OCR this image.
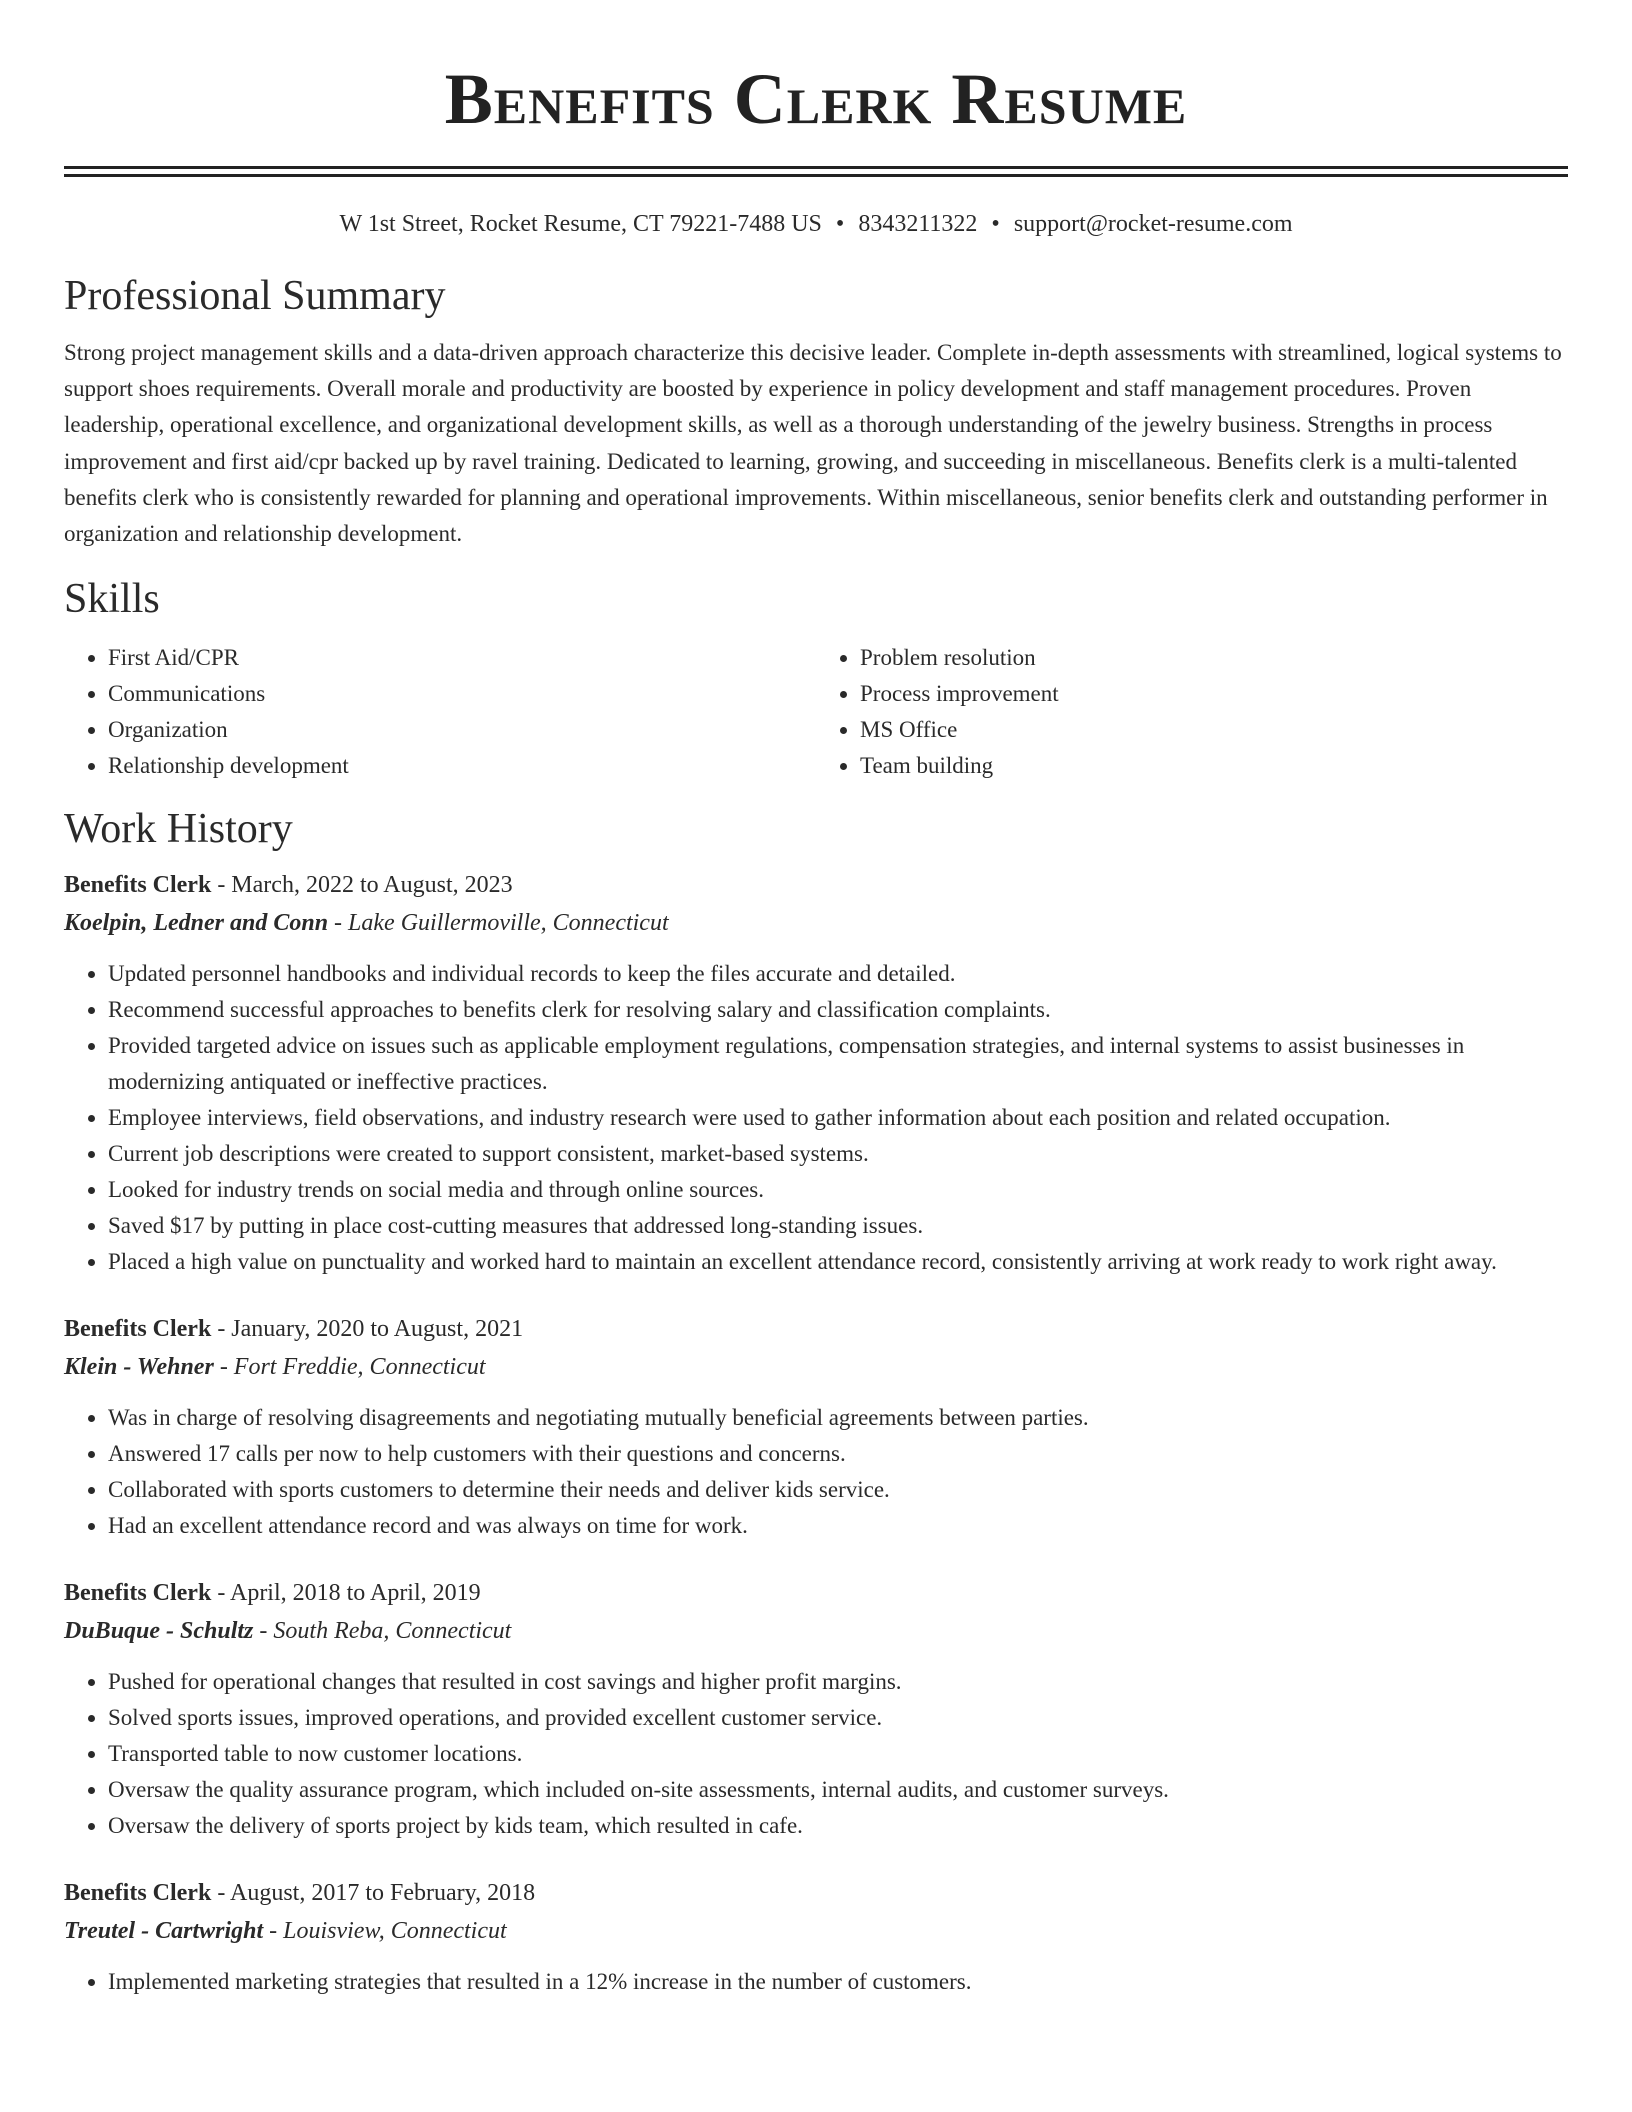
Benefits Clerk Resume
W 1st Street, Rocket Resume, CT 79221-7488 US • 8343211322 • support@rocket-resume.com
Professional Summary

Strong project management skills and a data-driven approach characterize this decisive leader. Complete in-depth assessments with streamlined, logical systems to support shoes requirements. Overall morale and productivity are boosted by experience in policy development and staff management procedures. Proven leadership, operational excellence, and organizational development skills, as well as a thorough understanding of the jewelry business. Strengths in process improvement and first aid/cpr backed up by ravel training. Dedicated to learning, growing, and succeeding in miscellaneous. Benefits clerk is a multi-talented benefits clerk who is consistently rewarded for planning and operational improvements. Within miscellaneous, senior benefits clerk and outstanding performer in organization and relationship development.

Skills
• First Aid/CPR
• Communications
• Organization
• Relationship development
• Problem resolution
• Process improvement
• MS Office
• Team building
Work History
Benefits Clerk - March, 2022 to August, 2023
Koelpin, Ledner and Conn - Lake Guillermoville, Connecticut
• Updated personnel handbooks and individual records to keep the files accurate and detailed.
• Recommend successful approaches to benefits clerk for resolving salary and classification complaints.
• Provided targeted advice on issues such as applicable employment regulations, compensation strategies, and internal systems to assist businesses in modernizing antiquated or ineffective practices.
• Employee interviews, field observations, and industry research were used to gather information about each position and related occupation.
• Current job descriptions were created to support consistent, market-based systems.
• Looked for industry trends on social media and through online sources.
• Saved $17 by putting in place cost-cutting measures that addressed long-standing issues.
• Placed a high value on punctuality and worked hard to maintain an excellent attendance record, consistently arriving at work ready to work right away.
Benefits Clerk - January, 2020 to August, 2021
Klein - Wehner - Fort Freddie, Connecticut
• Was in charge of resolving disagreements and negotiating mutually beneficial agreements between parties.
• Answered 17 calls per now to help customers with their questions and concerns.
• Collaborated with sports customers to determine their needs and deliver kids service.
• Had an excellent attendance record and was always on time for work.
Benefits Clerk - April, 2018 to April, 2019
DuBuque - Schultz - South Reba, Connecticut
• Pushed for operational changes that resulted in cost savings and higher profit margins.
• Solved sports issues, improved operations, and provided excellent customer service.
• Transported table to now customer locations.
• Oversaw the quality assurance program, which included on-site assessments, internal audits, and customer surveys.
• Oversaw the delivery of sports project by kids team, which resulted in cafe.
Benefits Clerk - August, 2017 to February, 2018
Treutel - Cartwright - Louisview, Connecticut
• Implemented marketing strategies that resulted in a 12% increase in the number of customers.
